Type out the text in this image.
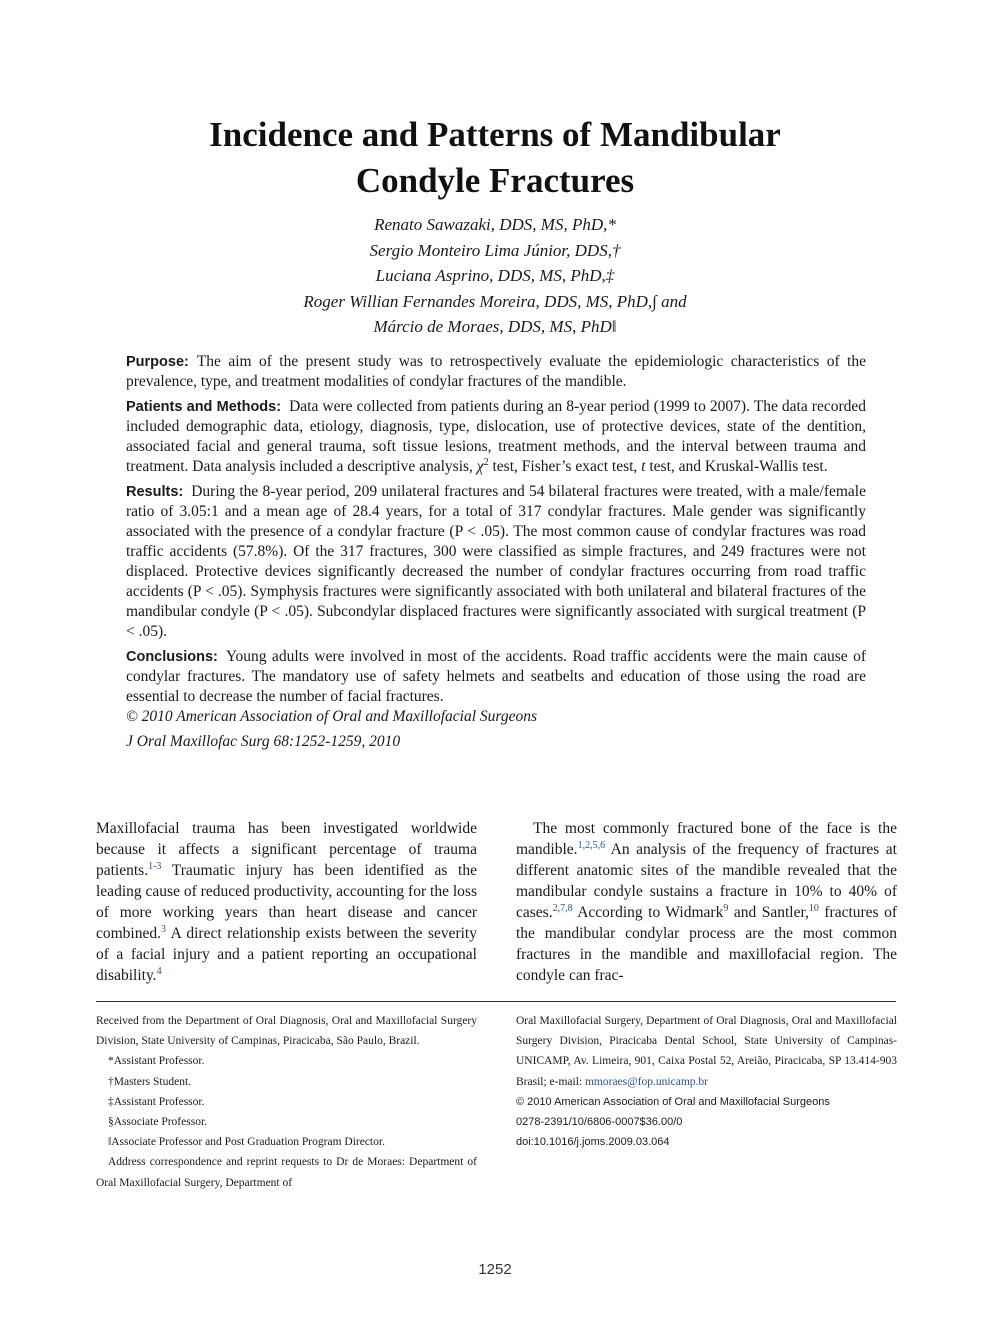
Incidence and Patterns of Mandibular
Condyle Fractures
Renato Sawazaki, DDS, MS, PhD,*
Sergio Monteiro Lima Júnior, DDS,†
Luciana Asprino, DDS, MS, PhD,‡
Roger Willian Fernandes Moreira, DDS, MS, PhD,∫ and
Márcio de Moraes, DDS, MS, PhD‖

Purpose: The aim of the present study was to retrospectively evaluate the epidemiologic characteristics of the prevalence, type, and treatment modalities of condylar fractures of the mandible.

Patients and Methods: Data were collected from patients during an 8-year period (1999 to 2007). The data recorded included demographic data, etiology, diagnosis, type, dislocation, use of protective devices, state of the dentition, associated facial and general trauma, soft tissue lesions, treatment methods, and the interval between trauma and treatment. Data analysis included a descriptive analysis, $\chi^2$ test, Fisher’s exact test, t test, and Kruskal-Wallis test.

Results: During the 8-year period, 209 unilateral fractures and 54 bilateral fractures were treated, with a male/female ratio of 3.05:1 and a mean age of 28.4 years, for a total of 317 condylar fractures. Male gender was significantly associated with the presence of a condylar fracture (P < .05). The most common cause of condylar fractures was road traffic accidents (57.8%). Of the 317 fractures, 300 were classified as simple fractures, and 249 fractures were not displaced. Protective devices significantly decreased the number of condylar fractures occurring from road traffic accidents (P < .05). Symphysis fractures were significantly associated with both unilateral and bilateral fractures of the mandibular condyle (P < .05). Subcondylar displaced fractures were significantly associated with surgical treatment (P < .05).

Conclusions: Young adults were involved in most of the accidents. Road traffic accidents were the main cause of condylar fractures. The mandatory use of safety helmets and seatbelts and education of those using the road are essential to decrease the number of facial fractures.

© 2010 American Association of Oral and Maxillofacial Surgeons

J Oral Maxillofac Surg 68:1252-1259, 2010

Maxillofacial trauma has been investigated worldwide because it affects a significant percentage of trauma patients.$^{1-3}$ Traumatic injury has been identified as the leading cause of reduced productivity, accounting for the loss of more working years than heart disease and cancer combined.$^3$ A direct relationship exists between the severity of a facial injury and a patient reporting an occupational disability.$^4$

The most commonly fractured bone of the face is the mandible.$^{1,2,5,6}$ An analysis of the frequency of fractures at different anatomic sites of the mandible revealed that the mandibular condyle sustains a fracture in 10% to 40% of cases.$^{2,7,8}$ According to Widmark$^9$ and Santler,$^{10}$ fractures of the mandibular condylar process are the most common fractures in the mandible and maxillofacial region. The condyle can frac-

Received from the Department of Oral Diagnosis, Oral and Maxillofacial Surgery Division, State University of Campinas, Piracicaba, São Paulo, Brazil.

*Assistant Professor.

†Masters Student.

‡Assistant Professor.

§Associate Professor.

‖Associate Professor and Post Graduation Program Director.

Address correspondence and reprint requests to Dr de Moraes: Department of Oral Maxillofacial Surgery, Department of

Oral Maxillofacial Surgery, Department of Oral Diagnosis, Oral and Maxillofacial Surgery Division, Piracicaba Dental School, State University of Campinas-UNICAMP, Av. Limeira, 901, Caixa Postal 52, Areião, Piracicaba, SP 13.414-903 Brasil; e-mail: mmoraes@fop.unicamp.br

© 2010 American Association of Oral and Maxillofacial Surgeons

0278-2391/10/6806-0007$36.00/0

doi:10.1016/j.joms.2009.03.064

1252
